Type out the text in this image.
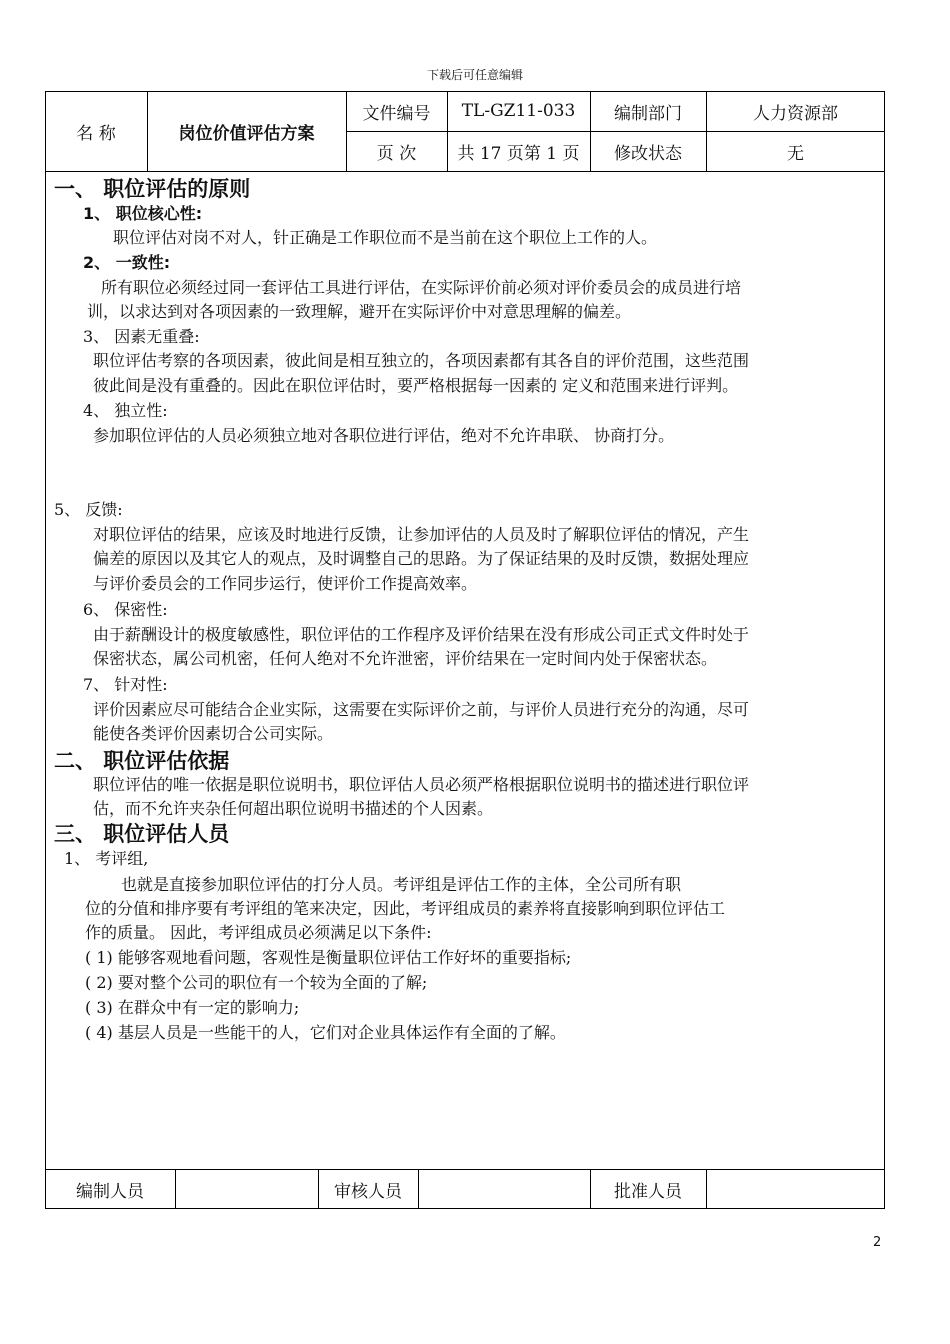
下载后可任意编辑
名 称	岗位价值评估方案
文件编号	TL-GZ11-033	编制部门	人力资源部
页 次	共 17 页第 1 页	修改状态	无
一、 职位评估的原则
1、 职位核心性:
职位评估对岗不对人，针正确是工作职位而不是当前在这个职位上工作的人。
2、 一致性:
所有职位必须经过同一套评估工具进行评估，在实际评价前必须对评价委员会的成员进行培
训，以求达到对各项因素的一致理解，避开在实际评价中对意思理解的偏差。
3、 因素无重叠:
职位评估考察的各项因素，彼此间是相互独立的，各项因素都有其各自的评价范围，这些范围
彼此间是没有重叠的。因此在职位评估时，要严格根据每一因素的 定义和范围来进行评判。
4、 独立性:
参加职位评估的人员必须独立地对各职位进行评估，绝对不允许串联、 协商打分。
5、 反馈:
对职位评估的结果，应该及时地进行反馈，让参加评估的人员及时了解职位评估的情况，产生
偏差的原因以及其它人的观点，及时调整自己的思路。为了保证结果的及时反馈，数据处理应
与评价委员会的工作同步运行，使评价工作提高效率。
6、 保密性:
由于薪酬设计的极度敏感性，职位评估的工作程序及评价结果在没有形成公司正式文件时处于
保密状态，属公司机密，任何人绝对不允许泄密，评价结果在一定时间内处于保密状态。
7、 针对性:
评价因素应尽可能结合企业实际，这需要在实际评价之前，与评价人员进行充分的沟通，尽可
能使各类评价因素切合公司实际。
二、 职位评估依据
职位评估的唯一依据是职位说明书，职位评估人员必须严格根据职位说明书的描述进行职位评
估，而不允许夹杂任何超出职位说明书描述的个人因素。
三、 职位评估人员
1、 考评组,
也就是直接参加职位评估的打分人员。考评组是评估工作的主体，全公司所有职
位的分值和排序要有考评组的笔来决定，因此，考评组成员的素养将直接影响到职位评估工
作的质量。 因此，考评组成员必须满足以下条件:
( 1) 能够客观地看问题，客观性是衡量职位评估工作好坏的重要指标;
( 2) 要对整个公司的职位有一个较为全面的了解;
( 3) 在群众中有一定的影响力;
( 4) 基层人员是一些能干的人，它们对企业具体运作有全面的了解。
编制人员	审核人员	批准人员
2
